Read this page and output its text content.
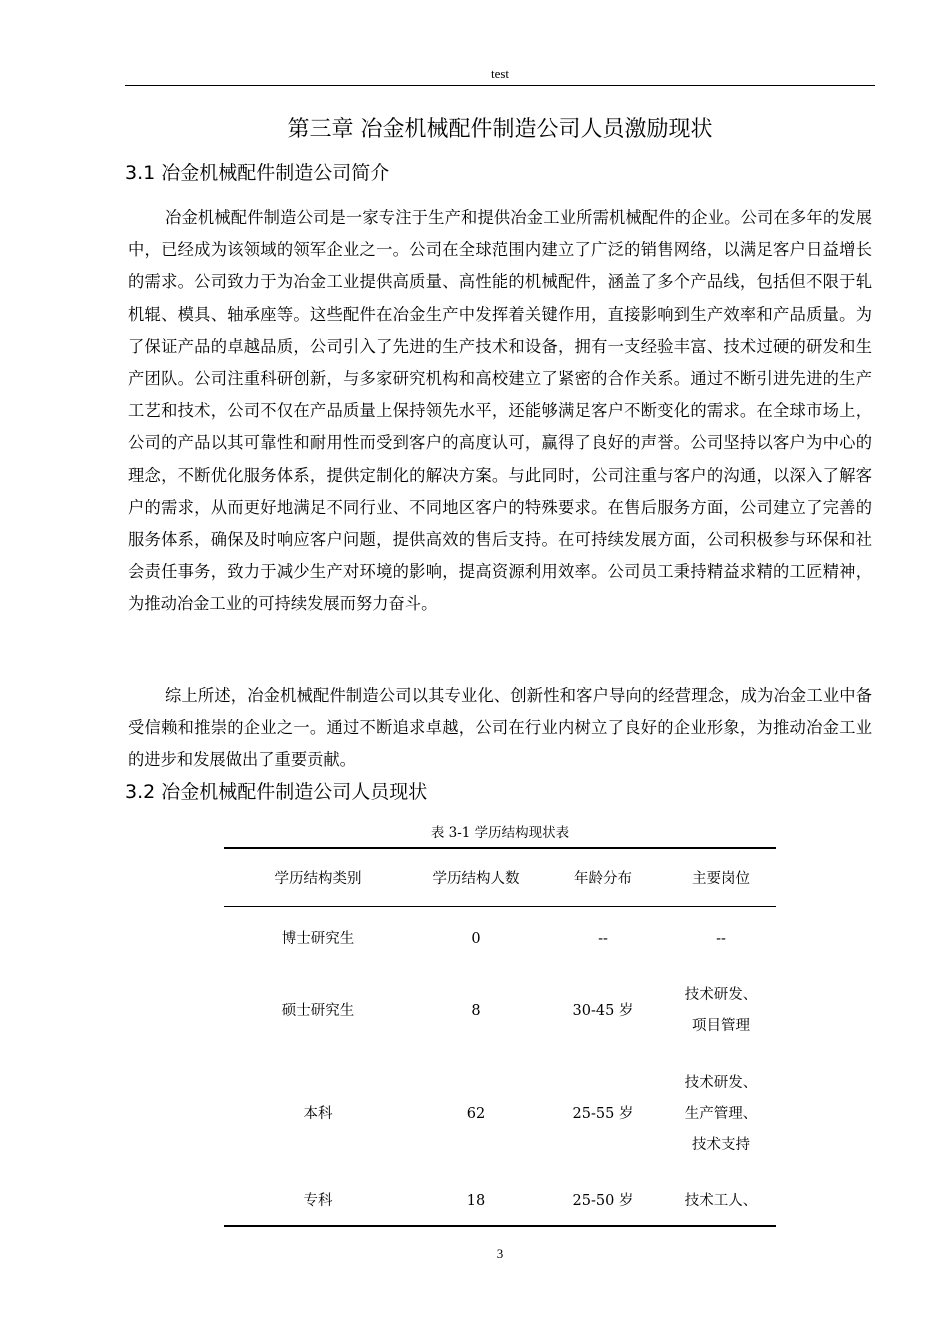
test
第三章 冶金机械配件制造公司人员激励现状
3.1 冶金机械配件制造公司简介

冶金机械配件制造公司是一家专注于生产和提供冶金工业所需机械配件的企业。公司在多年的发展中，已经成为该领域的领军企业之一。公司在全球范围内建立了广泛的销售网络，以满足客户日益增长的需求。公司致力于为冶金工业提供高质量、高性能的机械配件，涵盖了多个产品线，包括但不限于轧机辊、模具、轴承座等。这些配件在冶金生产中发挥着关键作用，直接影响到生产效率和产品质量。为了保证产品的卓越品质，公司引入了先进的生产技术和设备，拥有一支经验丰富、技术过硬的研发和生产团队。公司注重科研创新，与多家研究机构和高校建立了紧密的合作关系。通过不断引进先进的生产工艺和技术，公司不仅在产品质量上保持领先水平，还能够满足客户不断变化的需求。在全球市场上，公司的产品以其可靠性和耐用性而受到客户的高度认可，赢得了良好的声誉。公司坚持以客户为中心的理念，不断优化服务体系，提供定制化的解决方案。与此同时，公司注重与客户的沟通，以深入了解客户的需求，从而更好地满足不同行业、不同地区客户的特殊要求。在售后服务方面，公司建立了完善的服务体系，确保及时响应客户问题，提供高效的售后支持。在可持续发展方面，公司积极参与环保和社会责任事务，致力于减少生产对环境的影响，提高资源利用效率。公司员工秉持精益求精的工匠精神，为推动冶金工业的可持续发展而努力奋斗。

综上所述，冶金机械配件制造公司以其专业化、创新性和客户导向的经营理念，成为冶金工业中备受信赖和推崇的企业之一。通过不断追求卓越，公司在行业内树立了良好的企业形象，为推动冶金工业的进步和发展做出了重要贡献。

3.2 冶金机械配件制造公司人员现状
表 3-1 学历结构现状表
学历结构类别	学历结构人数	年龄分布	主要岗位
博士研究生	0	--	--

硕士研究生	8	30-45 岁	技术研发、
项目管理

本科	62	25-55 岁	技术研发、
生产管理、
技术支持

专科	18	25-50 岁	技术工人、
3
